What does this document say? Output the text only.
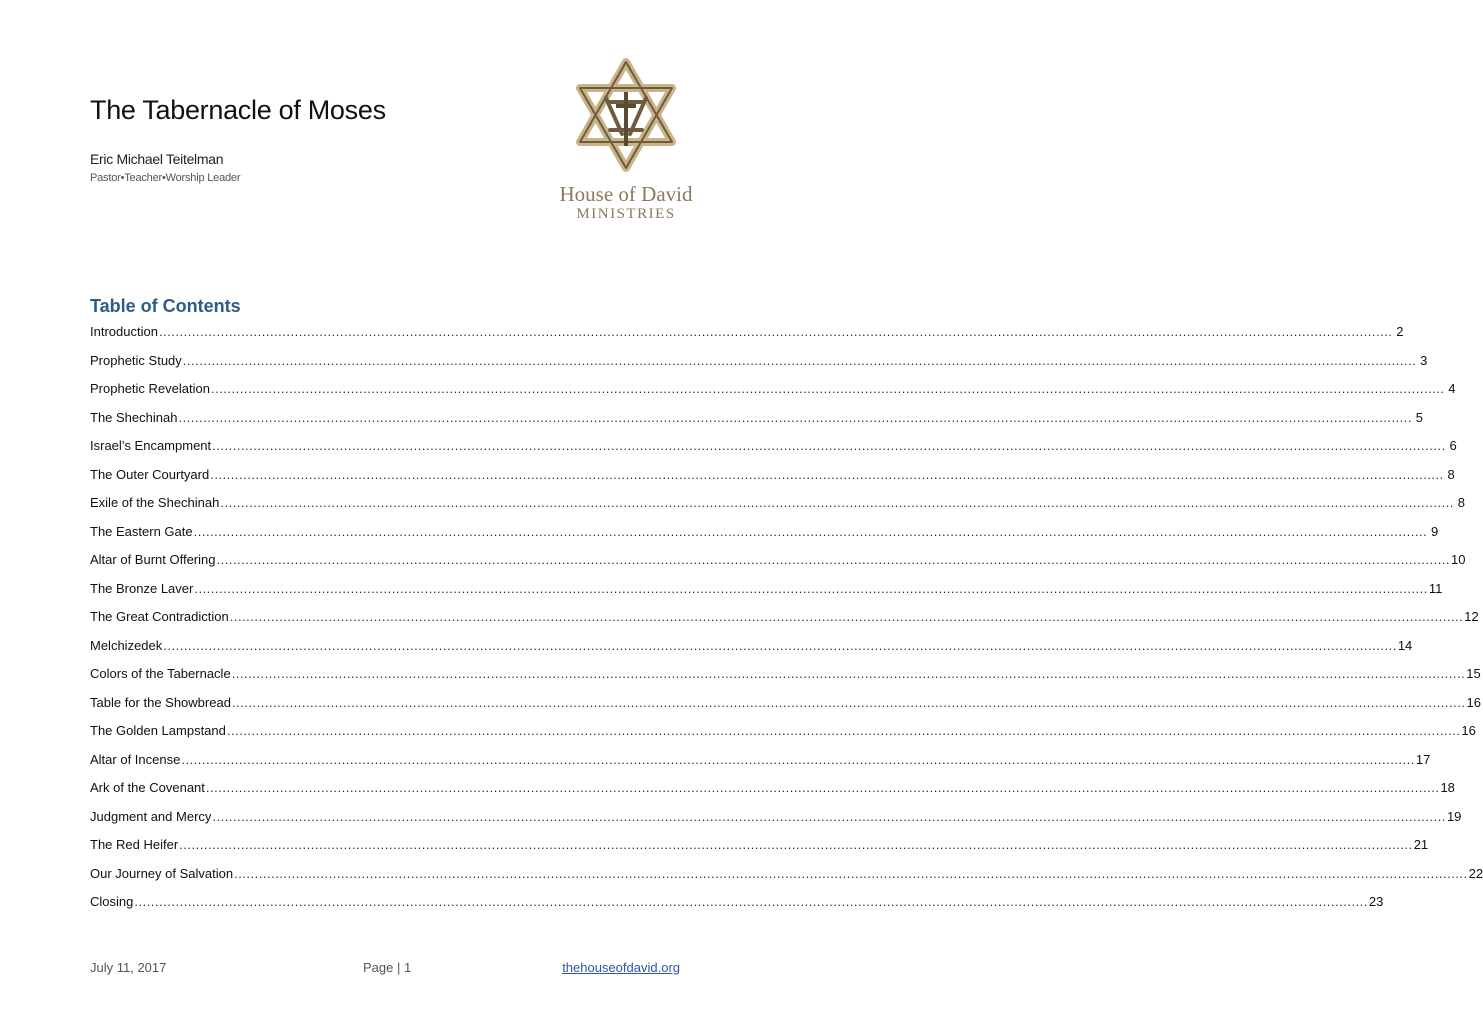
The Tabernacle of Moses
Eric Michael Teitelman
Pastor•Teacher•Worship Leader
House of David
MINISTRIES
Table of Contents
Introduction ............................................................................................................................................................................................................................................................................................................ 2
Prophetic Study ............................................................................................................................................................................................................................................................................................................ 3
Prophetic Revelation ............................................................................................................................................................................................................................................................................................................ 4
The Shechinah ............................................................................................................................................................................................................................................................................................................ 5
Israel’s Encampment ............................................................................................................................................................................................................................................................................................................ 6
The Outer Courtyard ............................................................................................................................................................................................................................................................................................................ 8
Exile of the Shechinah ............................................................................................................................................................................................................................................................................................................ 8
The Eastern Gate ............................................................................................................................................................................................................................................................................................................ 9
Altar of Burnt Offering ............................................................................................................................................................................................................................................................................................................ 10
The Bronze Laver ............................................................................................................................................................................................................................................................................................................ 11
The Great Contradiction ............................................................................................................................................................................................................................................................................................................ 12
Melchizedek ............................................................................................................................................................................................................................................................................................................ 14
Colors of the Tabernacle ............................................................................................................................................................................................................................................................................................................ 15
Table for the Showbread ............................................................................................................................................................................................................................................................................................................ 16
The Golden Lampstand ............................................................................................................................................................................................................................................................................................................ 16
Altar of Incense ............................................................................................................................................................................................................................................................................................................ 17
Ark of the Covenant ............................................................................................................................................................................................................................................................................................................ 18
Judgment and Mercy ............................................................................................................................................................................................................................................................................................................ 19
The Red Heifer ............................................................................................................................................................................................................................................................................................................ 21
Our Journey of Salvation ............................................................................................................................................................................................................................................................................................................ 22
Closing ............................................................................................................................................................................................................................................................................................................ 23
July 11, 2017	Page | 1	thehouseofdavid.org
